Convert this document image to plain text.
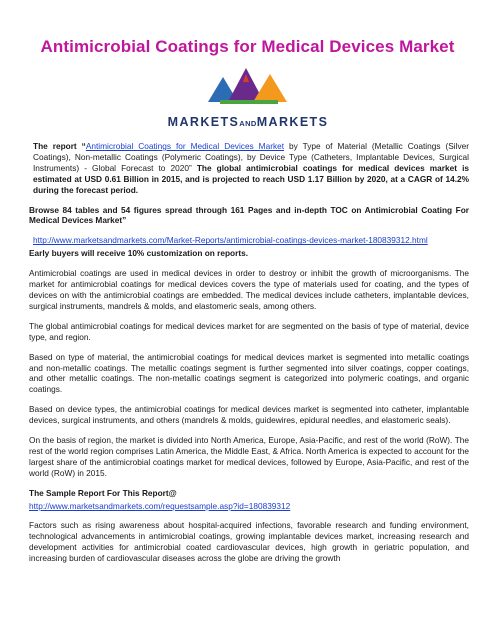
Antimicrobial Coatings for Medical Devices Market
MARKETSANDMARKETS

The report “Antimicrobial Coatings for Medical Devices Market by Type of Material (Metallic Coatings (Silver Coatings), Non-metallic Coatings (Polymeric Coatings), by Device Type (Catheters, Implantable Devices, Surgical Instruments) - Global Forecast to 2020” The global antimicrobial coatings for medical devices market is estimated at USD 0.61 Billion in 2015, and is projected to reach USD 1.17 Billion by 2020, at a CAGR of 14.2% during the forecast period.

Browse 84 tables and 54 figures spread through 161 Pages and in-depth TOC on Antimicrobial Coating For Medical Devices Market”

http://www.marketsandmarkets.com/Market-Reports/antimicrobial-coatings-devices-market-180839312.html

Early buyers will receive 10% customization on reports.

Antimicrobial coatings are used in medical devices in order to destroy or inhibit the growth of microorganisms. The market for antimicrobial coatings for medical devices covers the type of materials used for coating, and the types of devices on with the antimicrobial coatings are embedded. The medical devices include catheters, implantable devices, surgical instruments, mandrels & molds, and elastomeric seals, among others.

The global antimicrobial coatings for medical devices market for are segmented on the basis of type of material, device type, and region.

Based on type of material, the antimicrobial coatings for medical devices market is segmented into metallic coatings and non-metallic coatings. The metallic coatings segment is further segmented into silver coatings, copper coatings, and other metallic coatings. The non-metallic coatings segment is categorized into polymeric coatings, and organic coatings.

Based on device types, the antimicrobial coatings for medical devices market is segmented into catheter, implantable devices, surgical instruments, and others (mandrels & molds, guidewires, epidural needles, and elastomeric seals).

On the basis of region, the market is divided into North America, Europe, Asia-Pacific, and rest of the world (RoW). The rest of the world region comprises Latin America, the Middle East, & Africa. North America is expected to account for the largest share of the antimicrobial coatings market for medical devices, followed by Europe, Asia-Pacific, and rest of the world (RoW) in 2015.

The Sample Report For This Report@

http://www.marketsandmarkets.com/requestsample.asp?id=180839312

Factors such as rising awareness about hospital-acquired infections, favorable research and funding environment, technological advancements in antimicrobial coatings, growing implantable devices market, increasing research and development activities for antimicrobial coated cardiovascular devices, high growth in geriatric population, and increasing burden of cardiovascular diseases across the globe are driving the growth
